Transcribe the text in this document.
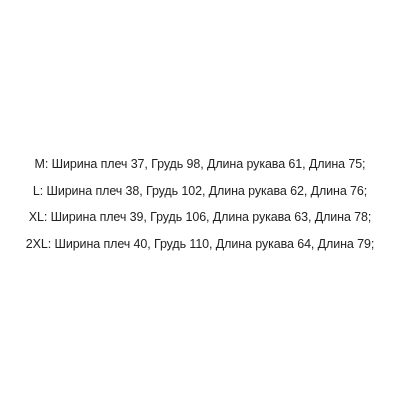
M: Ширина плеч 37, Грудь 98, Длина рукава 61, Длина 75;
L: Ширина плеч 38, Грудь 102, Длина рукава 62, Длина 76;
XL: Ширина плеч 39, Грудь 106, Длина рукава 63, Длина 78;
2XL: Ширина плеч 40, Грудь 110, Длина рукава 64, Длина 79;
